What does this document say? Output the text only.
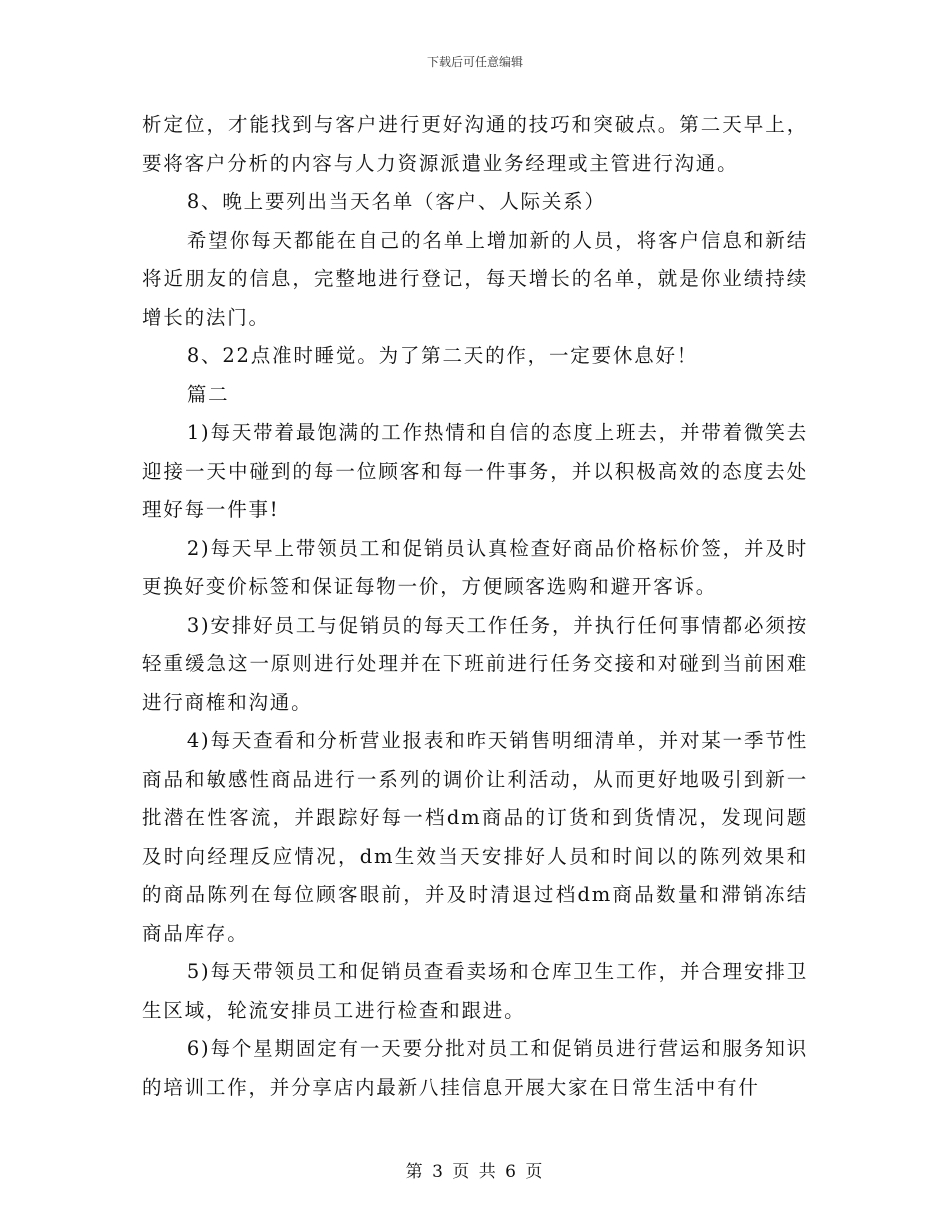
下载后可任意编辑

析定位，才能找到与客户进行更好沟通的技巧和突破点。第二天早上，要将客户分析的内容与人力资源派遣业务经理或主管进行沟通。

8、晚上要列出当天名单（客户、人际关系）

希望你每天都能在自己的名单上增加新的人员，将客户信息和新结将近朋友的信息，完整地进行登记，每天增长的名单，就是你业绩持续增长的法门。

8、22点准时睡觉。为了第二天的作，一定要休息好！

篇二

1)每天带着最饱满的工作热情和自信的态度上班去，并带着微笑去迎接一天中碰到的每一位顾客和每一件事务，并以积极高效的态度去处理好每一件事!

2)每天早上带领员工和促销员认真检查好商品价格标价签，并及时更换好变价标签和保证每物一价，方便顾客选购和避开客诉。

3)安排好员工与促销员的每天工作任务，并执行任何事情都必须按轻重缓急这一原则进行处理并在下班前进行任务交接和对碰到当前困难进行商榷和沟通。

4)每天查看和分析营业报表和昨天销售明细清单，并对某一季节性商品和敏感性商品进行一系列的调价让利活动，从而更好地吸引到新一批潜在性客流，并跟踪好每一档dm商品的订货和到货情况，发现问题及时向经理反应情况，dm生效当天安排好人员和时间以的陈列效果和的商品陈列在每位顾客眼前，并及时清退过档dm商品数量和滞销冻结商品库存。

5)每天带领员工和促销员查看卖场和仓库卫生工作，并合理安排卫生区域，轮流安排员工进行检查和跟进。

6)每个星期固定有一天要分批对员工和促销员进行营运和服务知识的培训工作，并分享店内最新八挂信息开展大家在日常生活中有什

第 3 页 共 6 页
